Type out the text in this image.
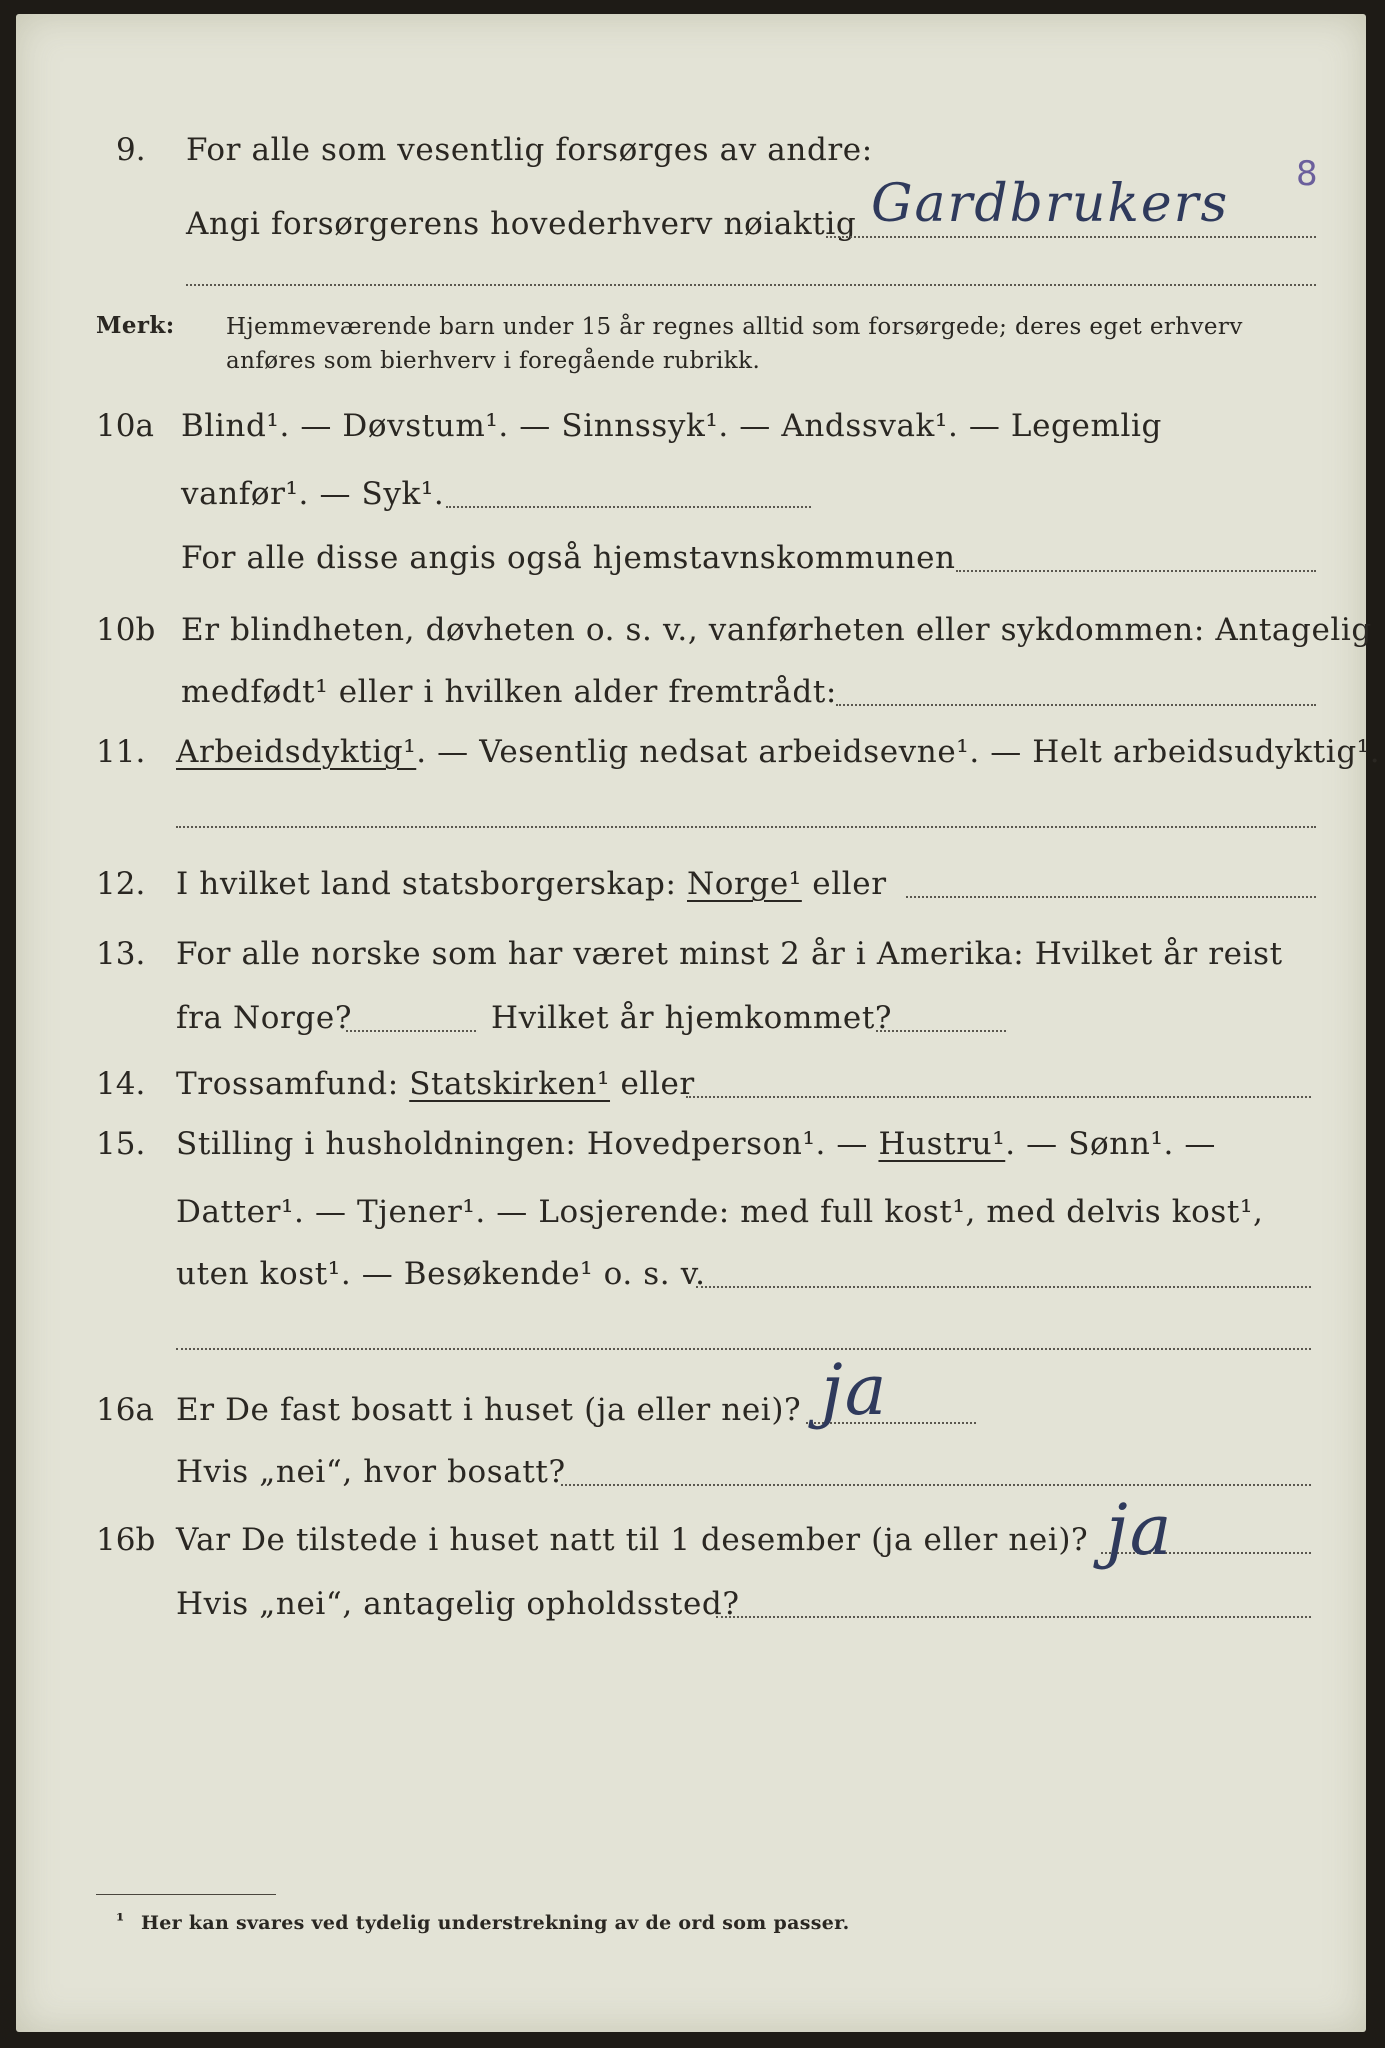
9. For alle som vesentlig forsørges av andre:
8
Angi forsørgerens hovederhverv nøiaktig Gardbrukers
Merk: Hjemmeværende barn under 15 år regnes alltid som forsørgede; deres eget erhverv
anføres som bierhverv i foregående rubrikk.
10a Blind¹. — Døvstum¹. — Sinnssyk¹. — Andssvak¹. — Legemlig
vanfør¹. — Syk¹.
For alle disse angis også hjemstavnskommunen
10b Er blindheten, døvheten o. s. v., vanførheten eller sykdommen: Antagelig
medfødt¹ eller i hvilken alder fremtrådt:
11. Arbeidsdyktig¹. — Vesentlig nedsat arbeidsevne¹. — Helt arbeidsudyktig¹.
12. I hvilket land statsborgerskap: Norge¹ eller
13. For alle norske som har været minst 2 år i Amerika: Hvilket år reist
fra Norge?	Hvilket år hjemkommet?
14. Trossamfund: Statskirken¹ eller
15. Stilling i husholdningen: Hovedperson¹. — Hustru¹. — Sønn¹. —
Datter¹. — Tjener¹. — Losjerende: med full kost¹, med delvis kost¹,
uten kost¹. — Besøkende¹ o. s. v.
16a Er De fast bosatt i huset (ja eller nei)? ja
Hvis „nei“, hvor bosatt?
16b Var De tilstede i huset natt til 1 desember (ja eller nei)? ja
Hvis „nei“, antagelig opholdssted?
¹ Her kan svares ved tydelig understrekning av de ord som passer.
